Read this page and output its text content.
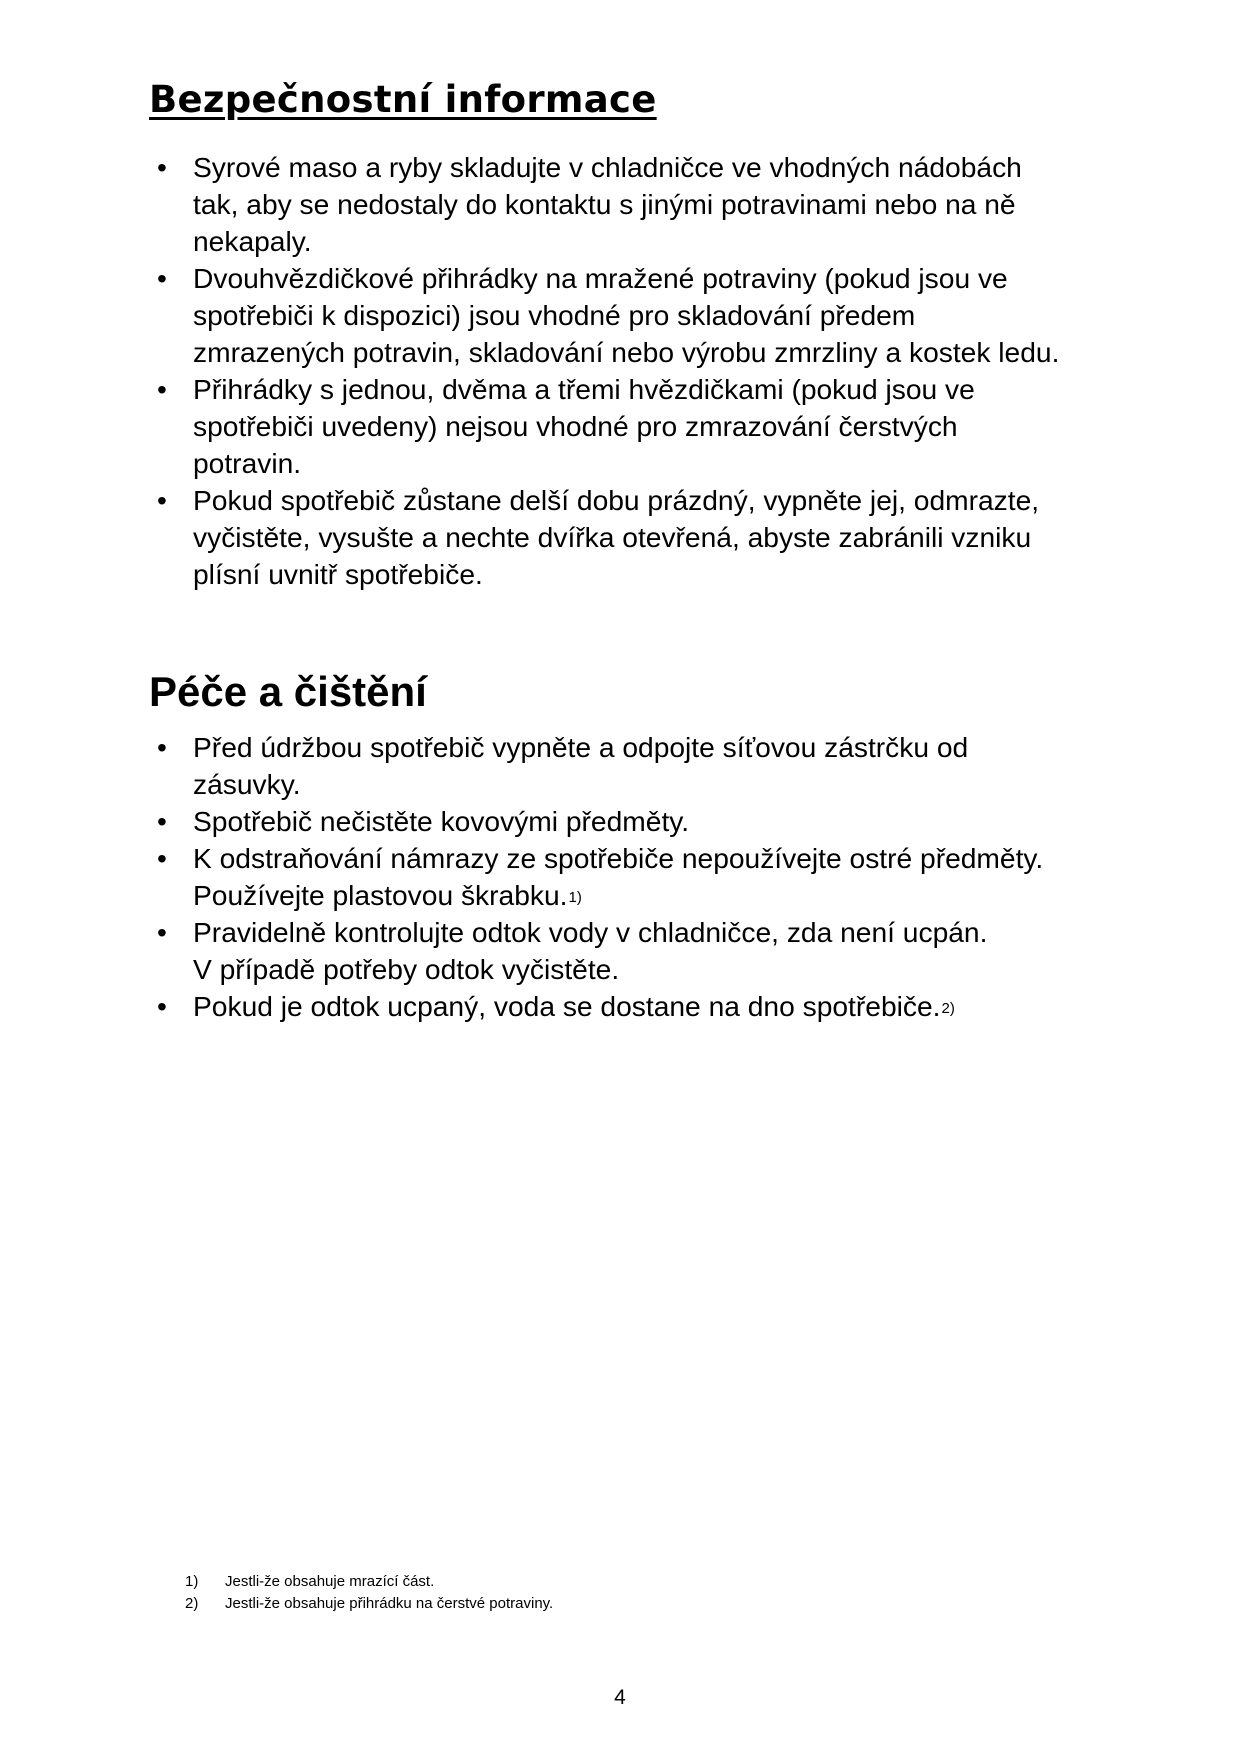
Bezpečnostní informace
• Syrové maso a ryby skladujte v chladničce ve vhodných nádobách
tak, aby se nedostaly do kontaktu s jinými potravinami nebo na ně
nekapaly.
• Dvouhvězdičkové přihrádky na mražené potraviny (pokud jsou ve
spotřebiči k dispozici) jsou vhodné pro skladování předem
zmrazených potravin, skladování nebo výrobu zmrzliny a kostek ledu.
• Přihrádky s jednou, dvěma a třemi hvězdičkami (pokud jsou ve
spotřebiči uvedeny) nejsou vhodné pro zmrazování čerstvých
potravin.
• Pokud spotřebič zůstane delší dobu prázdný, vypněte jej, odmrazte,
vyčistěte, vysušte a nechte dvířka otevřená, abyste zabránili vzniku
plísní uvnitř spotřebiče.
Péče a čištění
• Před údržbou spotřebič vypněte a odpojte síťovou zástrčku od
zásuvky.
• Spotřebič nečistěte kovovými předměty.
• K odstraňování námrazy ze spotřebiče nepoužívejte ostré předměty.
Používejte plastovou škrabku.$^{1)}$
• Pravidelně kontrolujte odtok vody v chladničce, zda není ucpán.
V případě potřeby odtok vyčistěte.
• Pokud je odtok ucpaný, voda se dostane na dno spotřebiče.$^{2)}$
1)	Jestli-že obsahuje mrazící část.
2)	Jestli-že obsahuje přihrádku na čerstvé potraviny.
4
